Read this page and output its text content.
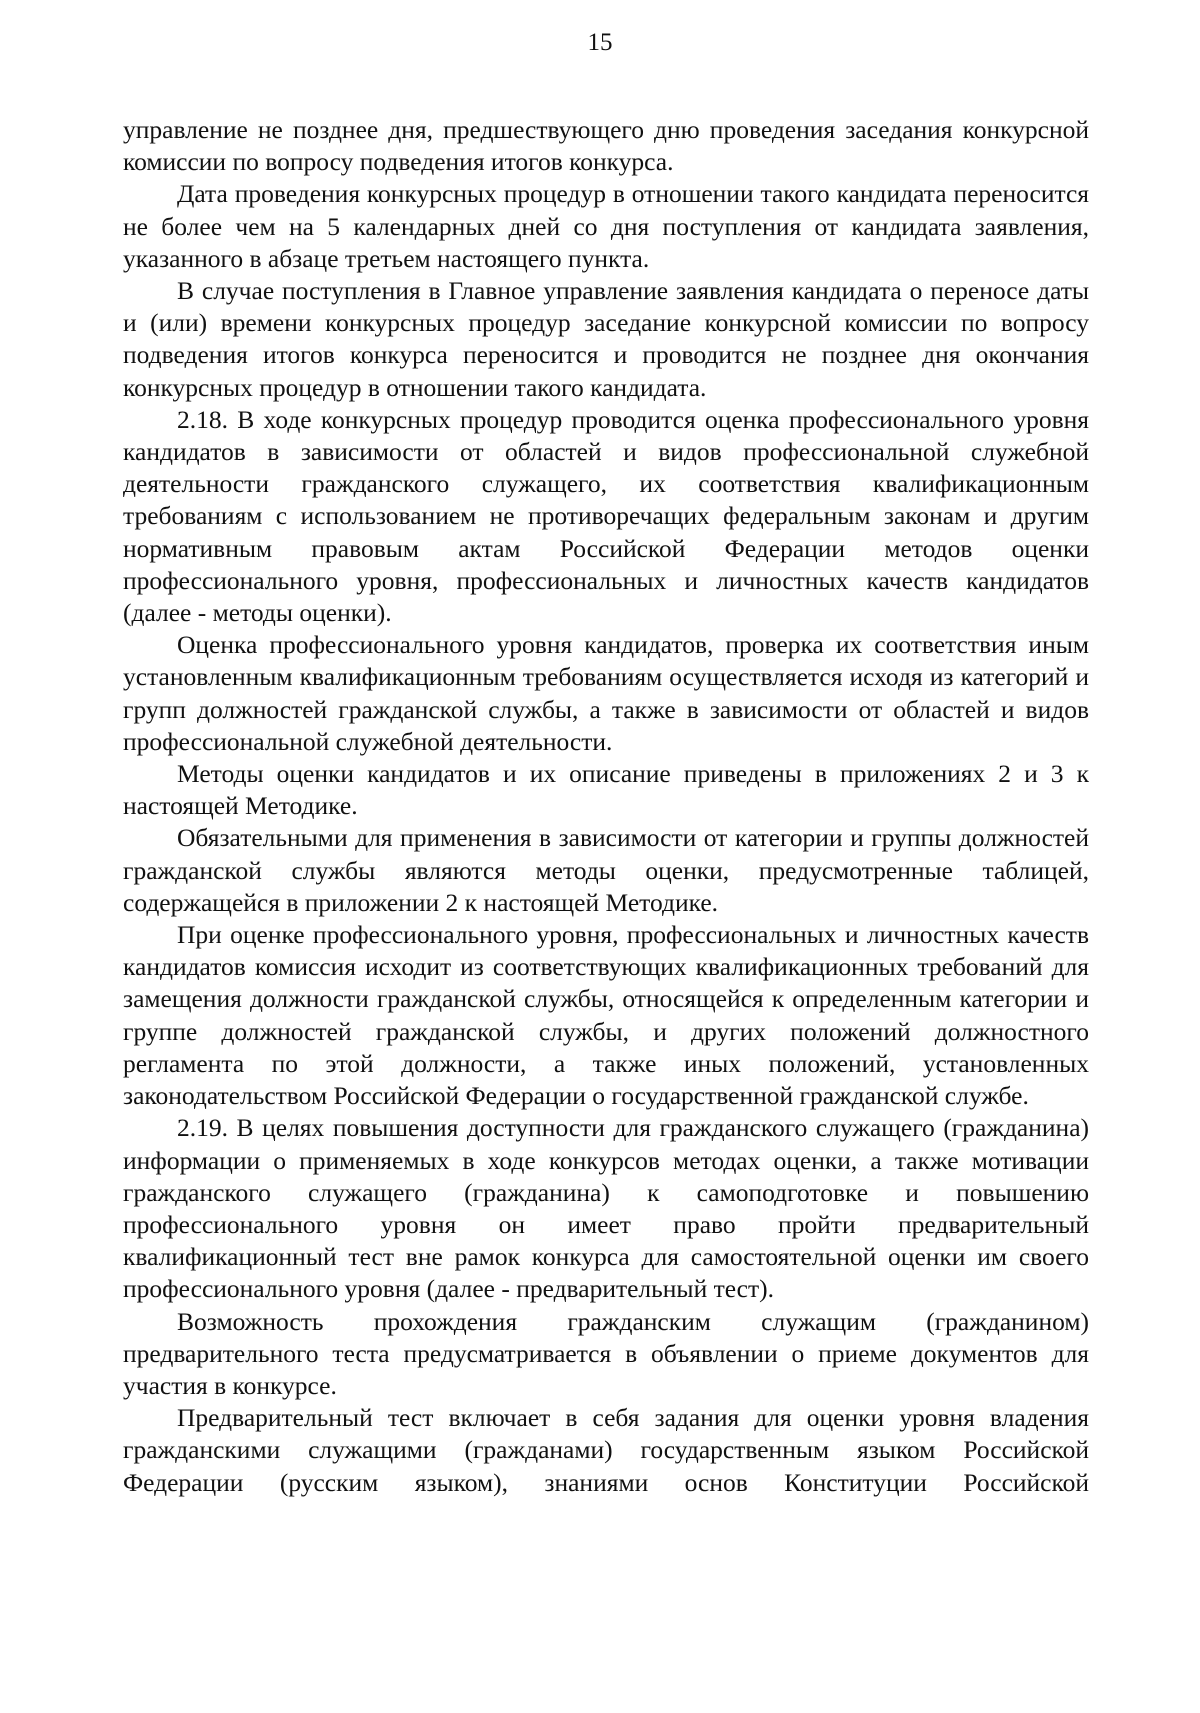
15

управление не позднее дня, предшествующего дню проведения заседания конкурсной комиссии по вопросу подведения итогов конкурса.

Дата проведения конкурсных процедур в отношении такого кандидата переносится не более чем на 5 календарных дней со дня поступления от кандидата заявления, указанного в абзаце третьем настоящего пункта.

В случае поступления в Главное управление заявления кандидата о переносе даты и (или) времени конкурсных процедур заседание конкурсной комиссии по вопросу подведения итогов конкурса переносится и проводится не позднее дня окончания конкурсных процедур в отношении такого кандидата.

2.18. В ходе конкурсных процедур проводится оценка профессионального уровня кандидатов в зависимости от областей и видов профессиональной служебной деятельности гражданского служащего, их соответствия квалификационным требованиям с использованием не противоречащих федеральным законам и другим нормативным правовым актам Российской Федерации методов оценки профессионального уровня, профессиональных и личностных качеств кандидатов (далее - методы оценки).

Оценка профессионального уровня кандидатов, проверка их соответствия иным установленным квалификационным требованиям осуществляется исходя из категорий и групп должностей гражданской службы, а также в зависимости от областей и видов профессиональной служебной деятельности.

Методы оценки кандидатов и их описание приведены в приложениях 2 и 3 к настоящей Методике.

Обязательными для применения в зависимости от категории и группы должностей гражданской службы являются методы оценки, предусмотренные таблицей, содержащейся в приложении 2 к настоящей Методике.

При оценке профессионального уровня, профессиональных и личностных качеств кандидатов комиссия исходит из соответствующих квалификационных требований для замещения должности гражданской службы, относящейся к определенным категории и группе должностей гражданской службы, и других положений должностного регламента по этой должности, а также иных положений, установленных законодательством Российской Федерации о государственной гражданской службе.

2.19. В целях повышения доступности для гражданского служащего (гражданина) информации о применяемых в ходе конкурсов методах оценки, а также мотивации гражданского служащего (гражданина) к самоподготовке и повышению профессионального уровня он имеет право пройти предварительный квалификационный тест вне рамок конкурса для самостоятельной оценки им своего профессионального уровня (далее - предварительный тест).

Возможность прохождения гражданским служащим (гражданином) предварительного теста предусматривается в объявлении о приеме документов для участия в конкурсе.

Предварительный тест включает в себя задания для оценки уровня владения гражданскими служащими (гражданами) государственным языком Российской Федерации (русским языком), знаниями основ Конституции Российской
